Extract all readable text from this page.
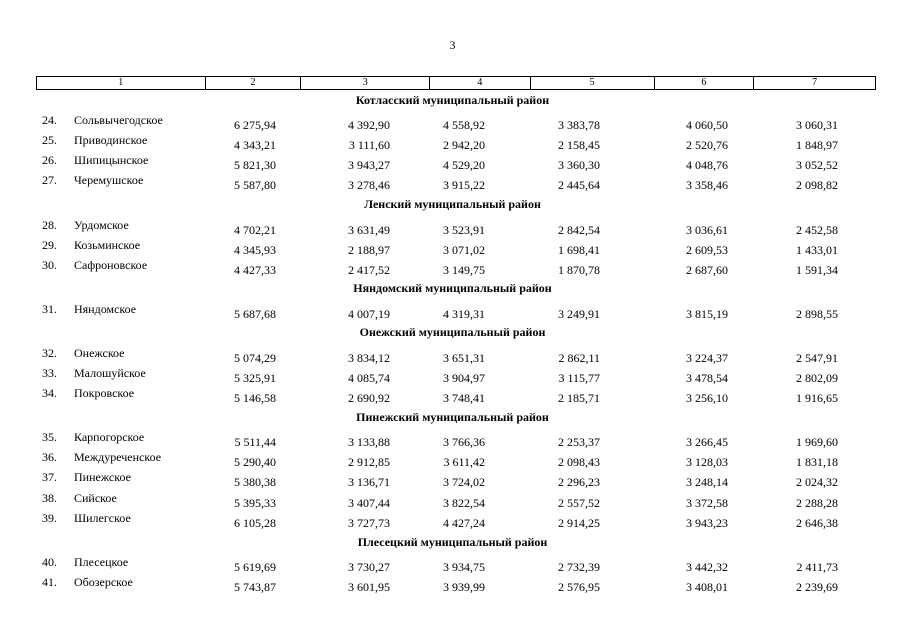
3
1	2	3	4	5	6	7
Котласский муниципальный район
24. Сольвычегодское	6 275,94	4 392,90	4 558,92	3 383,78	4 060,50	3 060,31
25. Приводинское	4 343,21	3 111,60	2 942,20	2 158,45	2 520,76	1 848,97
26. Шипицынское	5 821,30	3 943,27	4 529,20	3 360,30	4 048,76	3 052,52
27. Черемушское	5 587,80	3 278,46	3 915,22	2 445,64	3 358,46	2 098,82
Ленский муниципальный район
28. Урдомское	4 702,21	3 631,49	3 523,91	2 842,54	3 036,61	2 452,58
29. Козьминское	4 345,93	2 188,97	3 071,02	1 698,41	2 609,53	1 433,01
30. Сафроновское	4 427,33	2 417,52	3 149,75	1 870,78	2 687,60	1 591,34
Няндомский муниципальный район
31. Няндомское	5 687,68	4 007,19	4 319,31	3 249,91	3 815,19	2 898,55
Онежский муниципальный район
32. Онежское	5 074,29	3 834,12	3 651,31	2 862,11	3 224,37	2 547,91
33. Малошуйское	5 325,91	4 085,74	3 904,97	3 115,77	3 478,54	2 802,09
34. Покровское	5 146,58	2 690,92	3 748,41	2 185,71	3 256,10	1 916,65
Пинежский муниципальный район
35. Карпогорское	5 511,44	3 133,88	3 766,36	2 253,37	3 266,45	1 969,60
36. Междуреченское	5 290,40	2 912,85	3 611,42	2 098,43	3 128,03	1 831,18
37. Пинежское	5 380,38	3 136,71	3 724,02	2 296,23	3 248,14	2 024,32
38. Сийское	5 395,33	3 407,44	3 822,54	2 557,52	3 372,58	2 288,28
39. Шилегское	6 105,28	3 727,73	4 427,24	2 914,25	3 943,23	2 646,38
Плесецкий муниципальный район
40. Плесецкое	5 619,69	3 730,27	3 934,75	2 732,39	3 442,32	2 411,73
41. Обозерское	5 743,87	3 601,95	3 939,99	2 576,95	3 408,01	2 239,69
